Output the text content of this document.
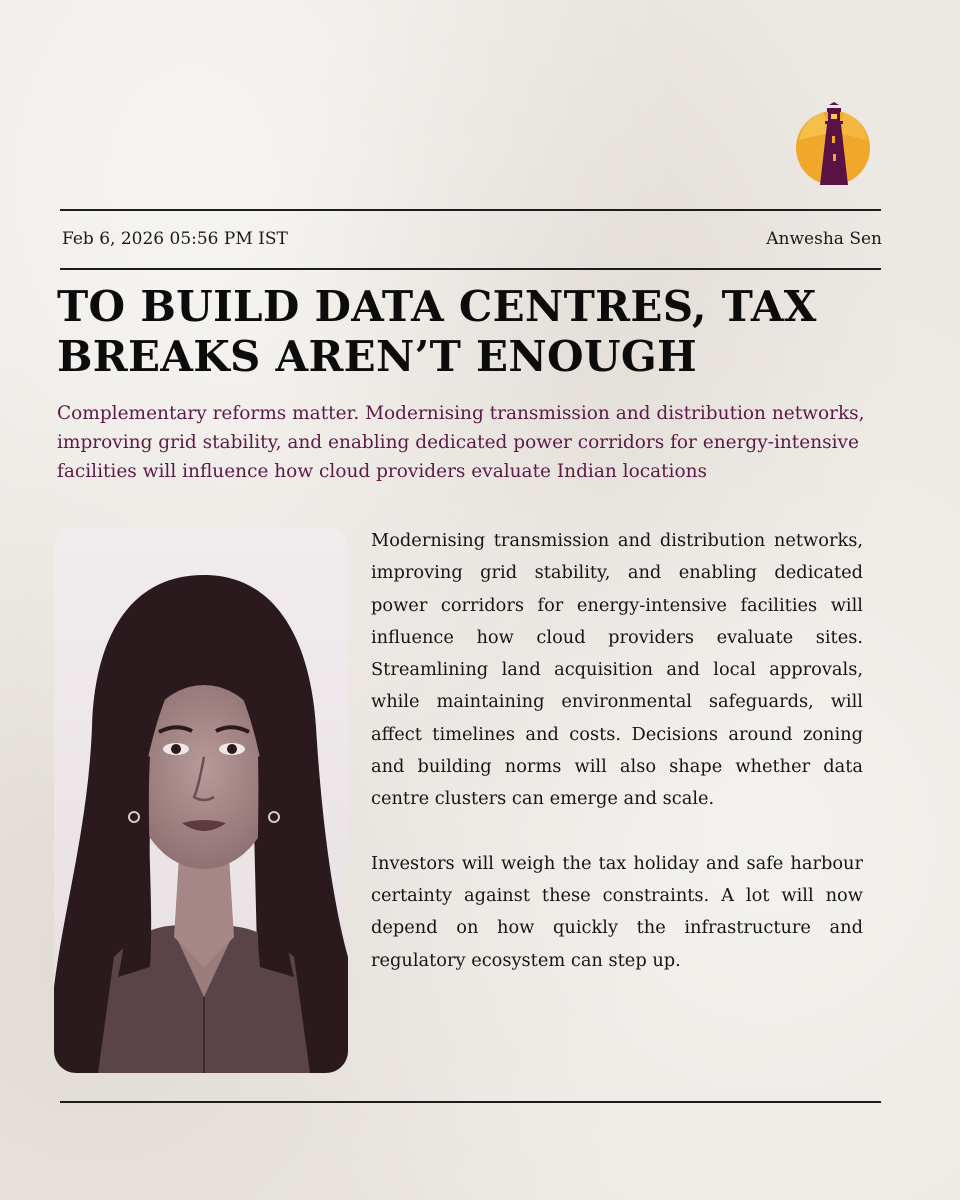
Feb 6, 2026 05:56 PM IST	Anwesha Sen
TO BUILD DATA CENTRES, TAX BREAKS AREN’T ENOUGH

Complementary reforms matter. Modernising transmission and distribution networks, improving grid stability, and enabling dedicated power corridors for energy-intensive facilities will influence how cloud providers evaluate Indian locations

Modernising transmission and distribution networks, improving grid stability, and enabling dedicated power corridors for energy-intensive facilities will influence how cloud providers evaluate sites. Streamlining land acquisition and local approvals, while maintaining environmental safeguards, will affect timelines and costs. Decisions around zoning and building norms will also shape whether data centre clusters can emerge and scale.

Investors will weigh the tax holiday and safe harbour certainty against these constraints. A lot will now depend on how quickly the infrastructure and regulatory ecosystem can step up.
